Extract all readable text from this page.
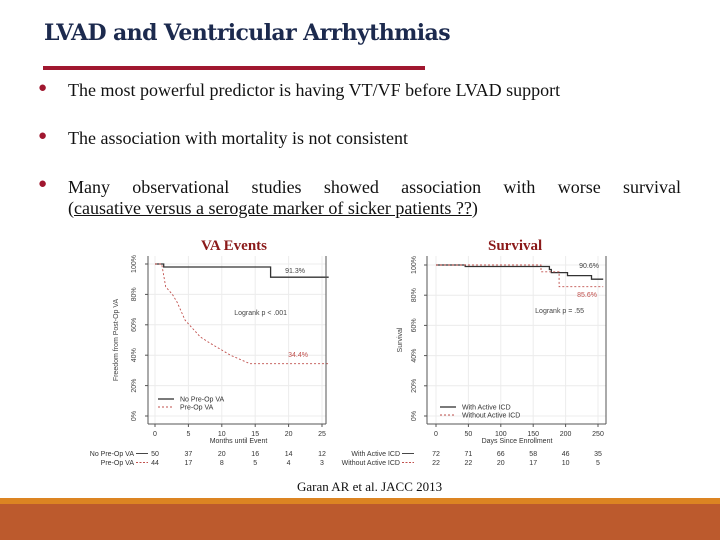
LVAD and Ventricular Arrhythmias
● The most powerful predictor is having VT/VF before LVAD support
● The association with mortality is not consistent
● Many observational studies showed association with worse survival
(causative versus a serogate marker of sicker patients ??)
VA Events	Survival
0%
20%
40%
60%
80%
100%
Freedom from Post-Op VA
0	5	10	15	20	25
Months until Event
91.3%
Logrank p < .001
34.4%
No Pre-Op VA
Pre-Op VA
No Pre-Op VA 50	37	20	16	14	12
Pre-Op VA 44	17	8	5	4	3
0%
20%
40%
60%
80%
100%
Survival
0	50	100	150	200	250
Days Since Enrollment
90.6%
Logrank p = .55
85.6%
With Active ICD
Without Active ICD
With Active ICD	72	71	66	58	46	35
Without Active ICD	22	22	20	17	10	5
Garan AR et al. JACC 2013
